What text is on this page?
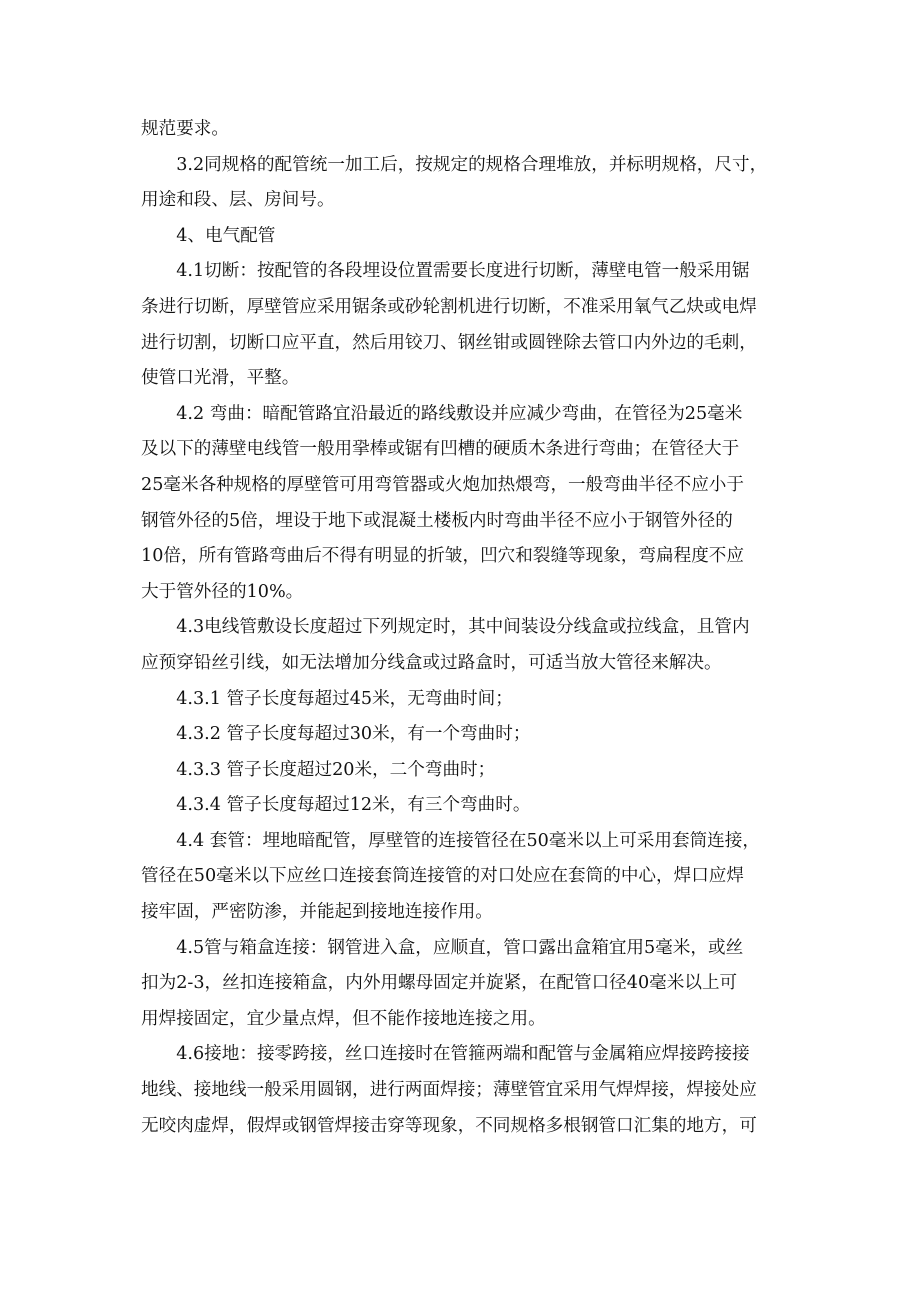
规范要求。

3.2同规格的配管统一加工后，按规定的规格合理堆放，并标明规格，尺寸，
用途和段、层、房间号。

4、电气配管

4.1切断：按配管的各段埋设位置需要长度进行切断，薄壁电管一般采用锯
条进行切断，厚壁管应采用锯条或砂轮割机进行切断，不准采用氧气乙炔或电焊
进行切割，切断口应平直，然后用铰刀、钢丝钳或圆锉除去管口内外边的毛刺，
使管口光滑，平整。

4.2 弯曲：暗配管路宜沿最近的路线敷设并应减少弯曲，在管径为25毫米
及以下的薄壁电线管一般用㧬棒或锯有凹槽的硬质木条进行弯曲；在管径大于
25毫米各种规格的厚壁管可用弯管器或火炮加热煨弯，一般弯曲半径不应小于
钢管外径的5倍，埋设于地下或混凝土楼板内时弯曲半径不应小于钢管外径的
10倍，所有管路弯曲后不得有明显的折皱，凹穴和裂缝等现象，弯扁程度不应
大于管外径的10%。

4.3电线管敷设长度超过下列规定时，其中间装设分线盒或拉线盒，且管内
应预穿铅丝引线，如无法增加分线盒或过路盒时，可适当放大管径来解决。

4.3.1 管子长度每超过45米，无弯曲时间；

4.3.2 管子长度每超过30米，有一个弯曲时；

4.3.3 管子长度超过20米，二个弯曲时；

4.3.4 管子长度每超过12米，有三个弯曲时。

4.4 套管：埋地暗配管，厚壁管的连接管径在50毫米以上可采用套筒连接，
管径在50毫米以下应丝口连接套筒连接管的对口处应在套筒的中心，焊口应焊
接牢固，严密防渗，并能起到接地连接作用。

4.5管与箱盒连接：钢管进入盒，应顺直，管口露出盒箱宜用5毫米，或丝
扣为2-3，丝扣连接箱盒，内外用螺母固定并旋紧，在配管口径40毫米以上可
用焊接固定，宜少量点焊，但不能作接地连接之用。

4.6接地：接零跨接，丝口连接时在管箍两端和配管与金属箱应焊接跨接接
地线、接地线一般采用圆钢，进行两面焊接；薄壁管宜采用气焊焊接，焊接处应
无咬肉虚焊，假焊或钢管焊接击穿等现象，不同规格多根钢管口汇集的地方，可
